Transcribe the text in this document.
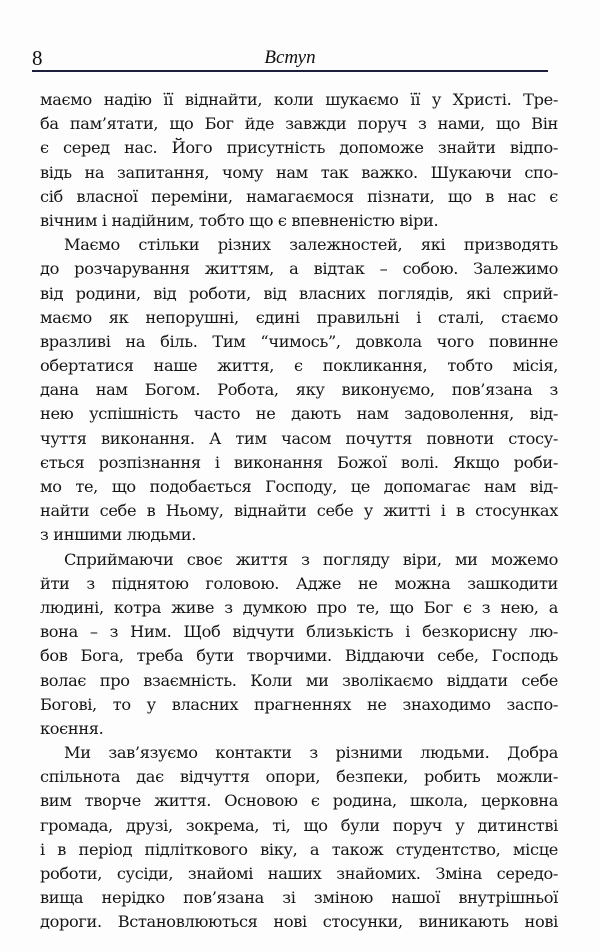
8	Вступ
маємо надію її віднайти, коли шукаємо її у Христі. Тре-
ба пам’ятати, що Бог йде завжди поруч з нами, що Він
є серед нас. Його присутність допоможе знайти відпо-
відь на запитання, чому нам так важко. Шукаючи спо-
сіб власної переміни, намагаємося пізнати, що в нас є
вічним і надійним, тобто що є впевненістю віри.
Маємо стільки різних залежностей, які призводять
до розчарування життям, а відтак – собою. Залежимо
від родини, від роботи, від власних поглядів, які сприй-
маємо як непорушні, єдині правильні і сталі, стаємо
вразливі на біль. Тим “чимось”, довкола чого повинне
обертатися наше життя, є покликання, тобто місія,
дана нам Богом. Робота, яку виконуємо, пов’язана з
нею успішність часто не дають нам задоволення, від-
чуття виконання. А тим часом почуття повноти стосу-
ється розпізнання і виконання Божої волі. Якщо роби-
мо те, що подобається Господу, це допомагає нам від-
найти себе в Ньому, віднайти себе у житті і в стосунках
з иншими людьми.
Сприймаючи своє життя з погляду віри, ми можемо
йти з піднятою головою. Адже не можна зашкодити
людині, котра живе з думкою про те, що Бог є з нею, а
вона – з Ним. Щоб відчути близькість і безкорисну лю-
бов Бога, треба бути творчими. Віддаючи себе, Господь
волає про взаємність. Коли ми зволікаємо віддати себе
Богові, то у власних прагненнях не знаходимо заспо-
коєння.
Ми зав’язуємо контакти з різними людьми. Добра
спільнота дає відчуття опори, безпеки, робить можли-
вим творче життя. Основою є родина, школа, церковна
громада, друзі, зокрема, ті, що були поруч у дитинстві
і в період підліткового віку, а також студентство, місце
роботи, сусіди, знайомі наших знайомих. Зміна середо-
вища нерідко пов’язана зі зміною нашої внутрішньої
дороги. Встановлюються нові стосунки, виникають нові
